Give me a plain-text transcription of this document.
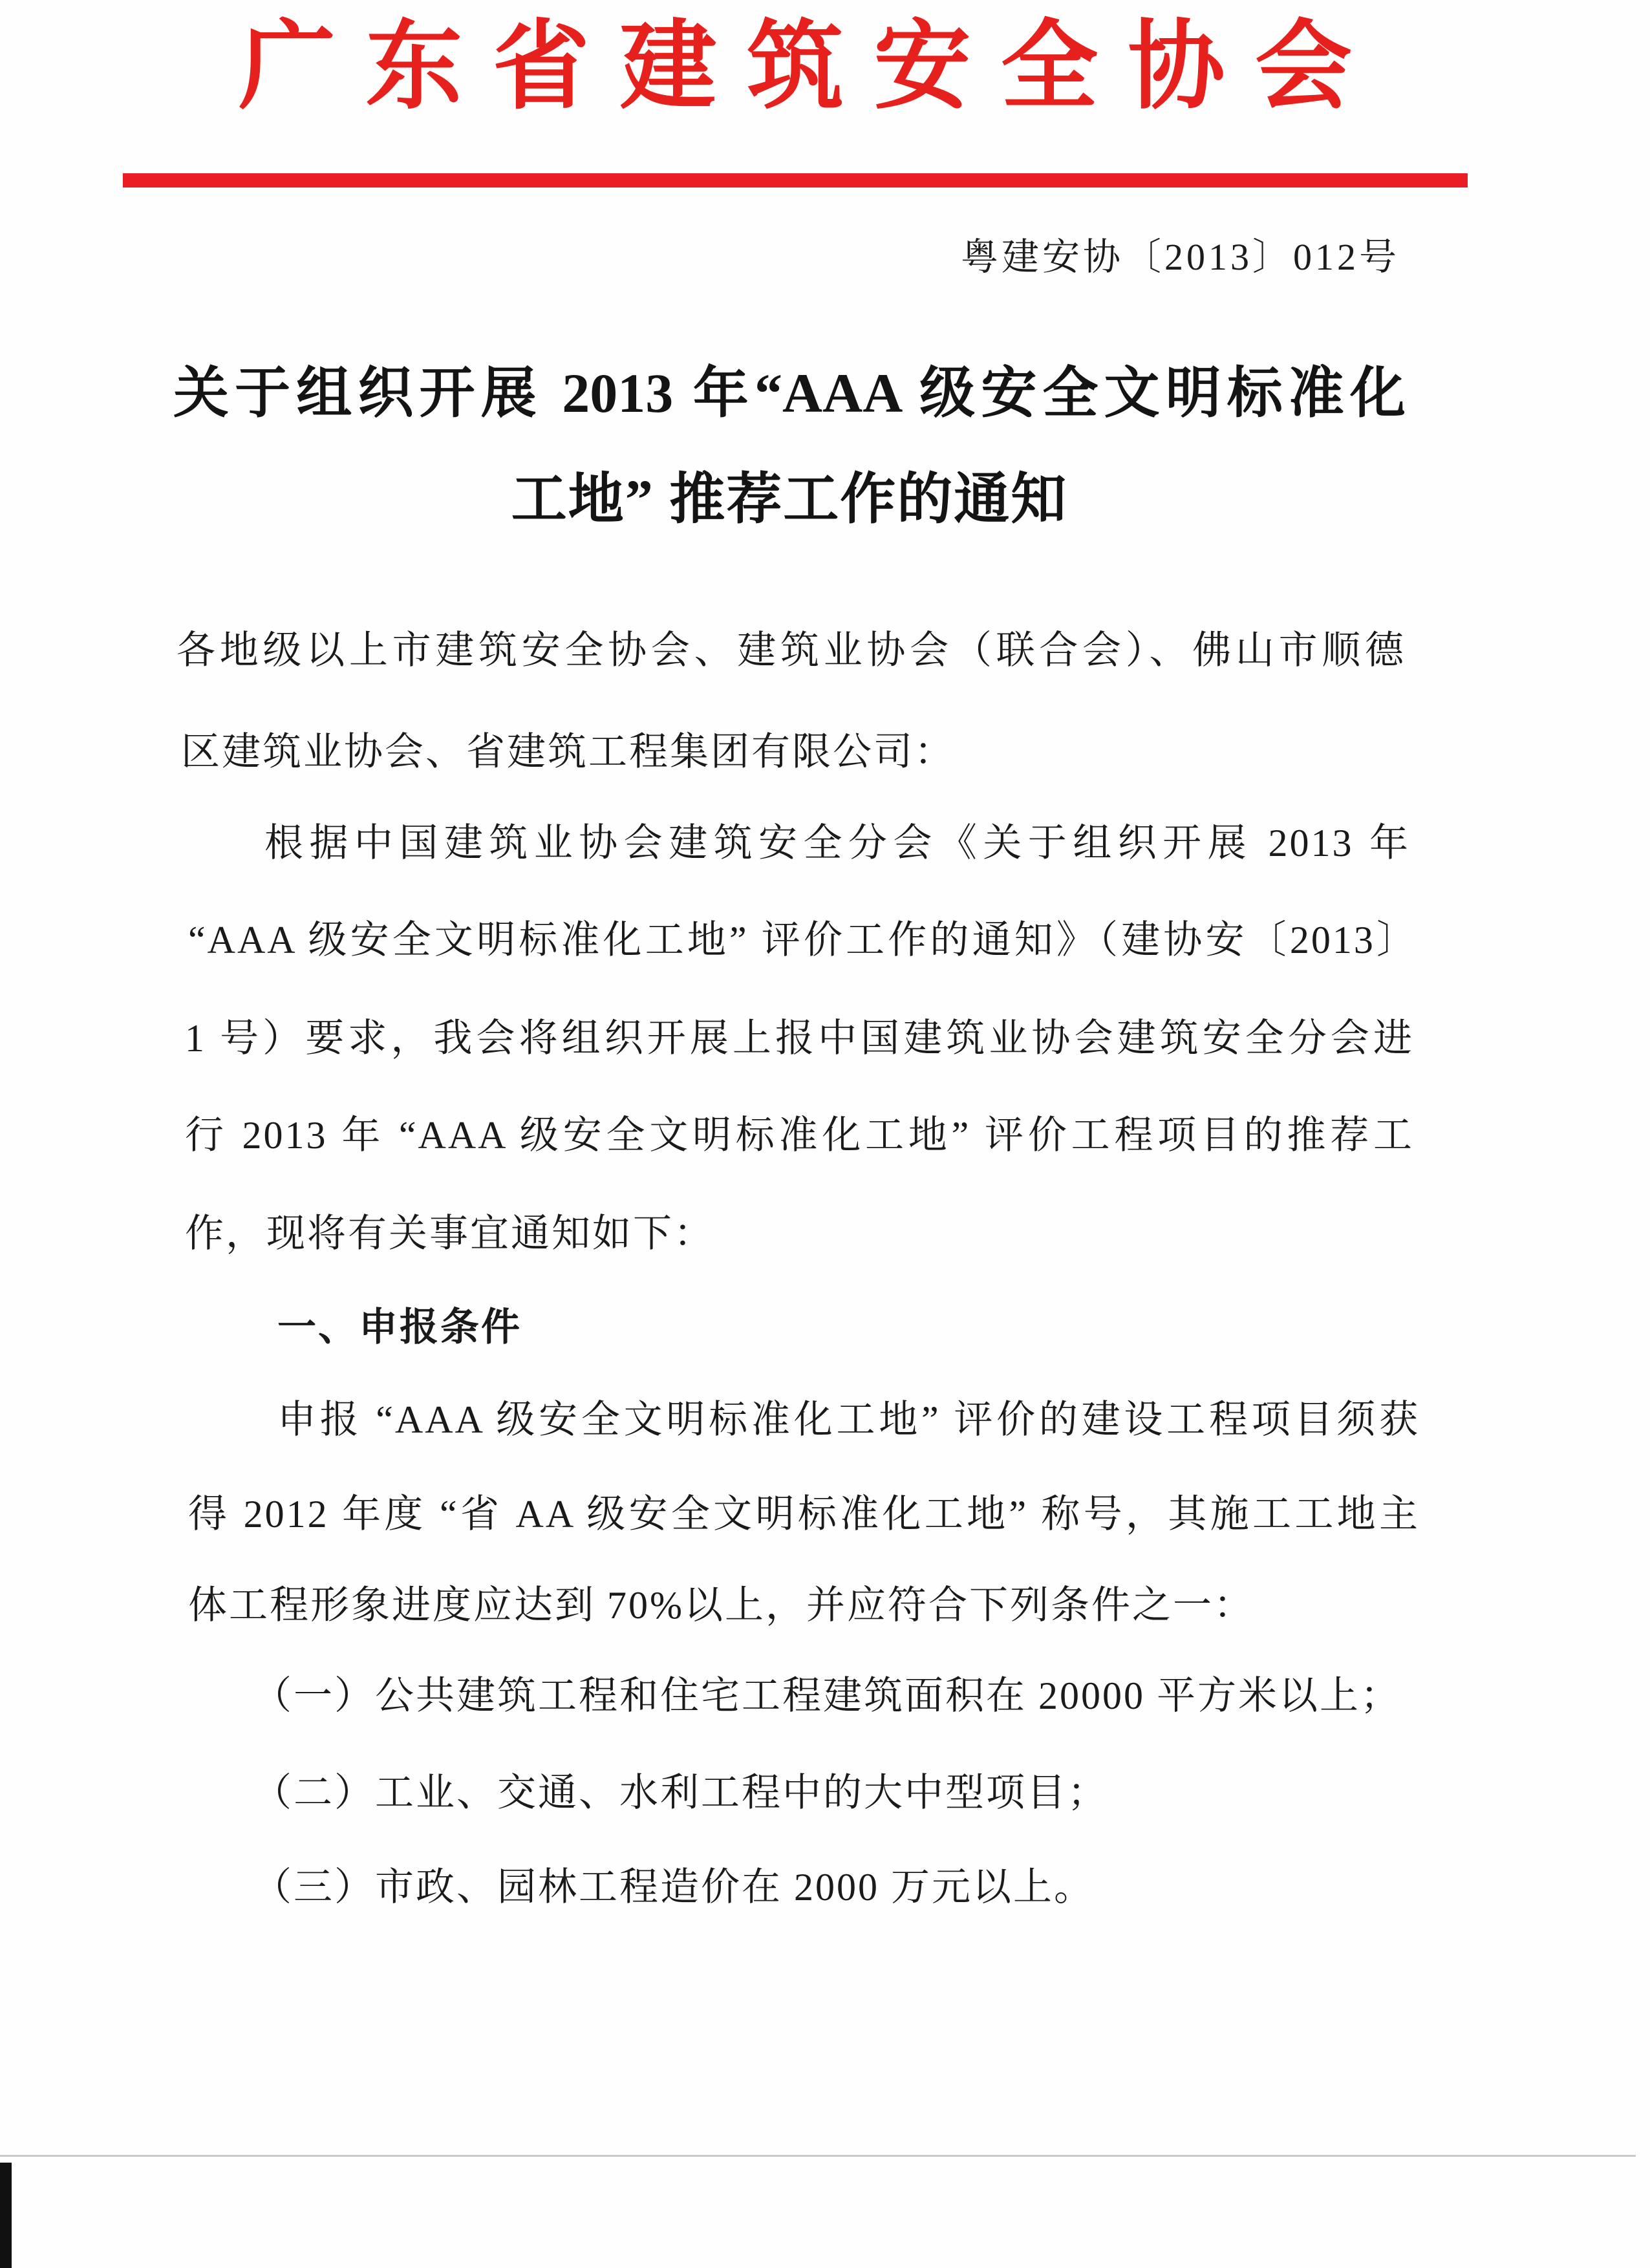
广东省建筑安全协会
粤建安协〔2013〕012号
关于组织开展 2013 年“AAA 级安全文明标准化
工地” 推荐工作的通知
各地级以上市建筑安全协会、建筑业协会（联合会）、佛山市顺德
区建筑业协会、省建筑工程集团有限公司：
根据中国建筑业协会建筑安全分会《关于组织开展 2013 年
“AAA 级安全文明标准化工地” 评价工作的通知》（建协安〔2013〕
1 号）要求，我会将组织开展上报中国建筑业协会建筑安全分会进
行 2013 年 “AAA 级安全文明标准化工地” 评价工程项目的推荐工
作，现将有关事宜通知如下：
一、申报条件
申报 “AAA 级安全文明标准化工地” 评价的建设工程项目须获
得 2012 年度 “省 AA 级安全文明标准化工地” 称号，其施工工地主
体工程形象进度应达到 70%以上，并应符合下列条件之一：
（一）公共建筑工程和住宅工程建筑面积在 20000 平方米以上；
（二）工业、交通、水利工程中的大中型项目；
（三）市政、园林工程造价在 2000 万元以上。
